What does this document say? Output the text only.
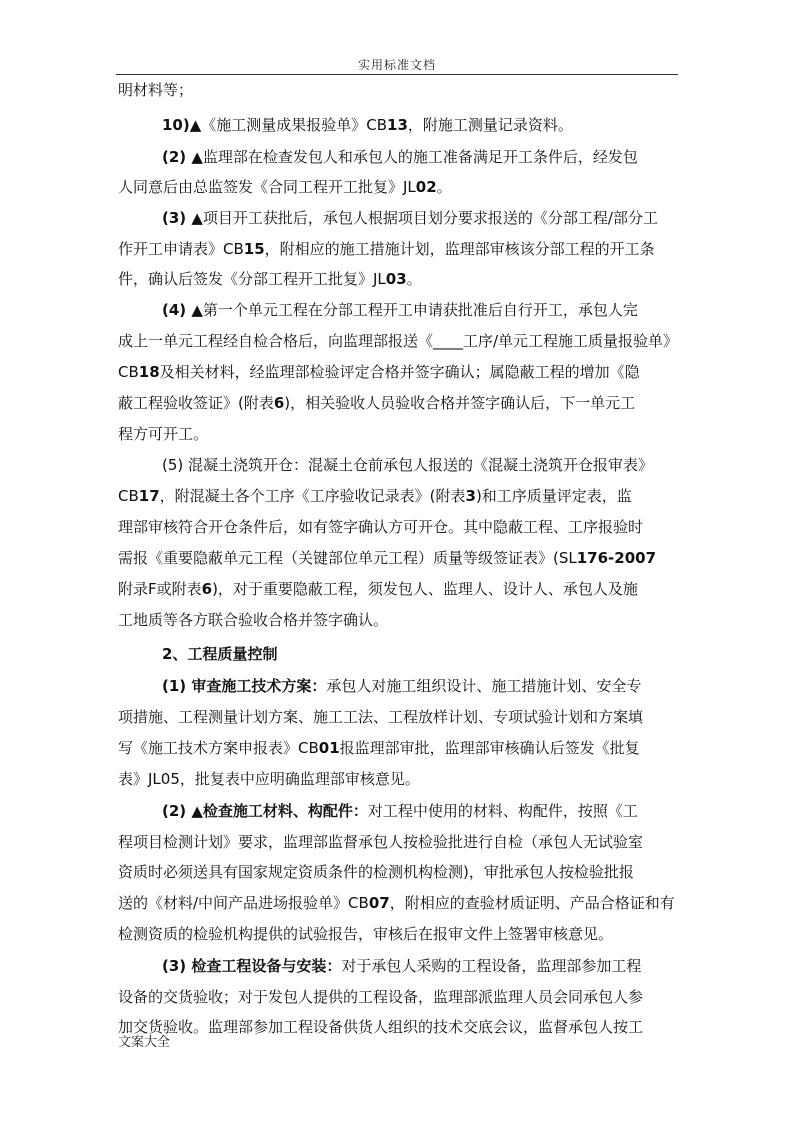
实用标准文档
明材料等；
10)▲《施工测量成果报验单》CB13，附施工测量记录资料。
(2) ▲监理部在检查发包人和承包人的施工准备满足开工条件后，经发包
人同意后由总监签发《合同工程开工批复》JL02。
(3) ▲项目开工获批后，承包人根据项目划分要求报送的《分部工程/部分工
作开工申请表》CB15，附相应的施工措施计划，监理部审核该分部工程的开工条
件，确认后签发《分部工程开工批复》JL03。
(4) ▲第一个单元工程在分部工程开工申请获批准后自行开工，承包人完
成上一单元工程经自检合格后，向监理部报送《____工序/单元工程施工质量报验单》
CB18及相关材料，经监理部检验评定合格并签字确认；属隐蔽工程的增加《隐
蔽工程验收签证》(附表6)，相关验收人员验收合格并签字确认后，下一单元工
程方可开工。
(5) 混凝土浇筑开仓：混凝土仓前承包人报送的《混凝土浇筑开仓报审表》
CB17，附混凝土各个工序《工序验收记录表》(附表3)和工序质量评定表，监
理部审核符合开仓条件后，如有签字确认方可开仓。其中隐蔽工程、工序报验时
需报《重要隐蔽单元工程（关键部位单元工程）质量等级签证表》(SL176-2007
附录F或附表6)，对于重要隐蔽工程，须发包人、监理人、设计人、承包人及施
工地质等各方联合验收合格并签字确认。
2、工程质量控制
(1) 审查施工技术方案：承包人对施工组织设计、施工措施计划、安全专
项措施、工程测量计划方案、施工工法、工程放样计划、专项试验计划和方案填
写《施工技术方案申报表》CB01报监理部审批，监理部审核确认后签发《批复
表》JL05，批复表中应明确监理部审核意见。
(2) ▲检查施工材料、构配件：对工程中使用的材料、构配件，按照《工
程项目检测计划》要求，监理部监督承包人按检验批进行自检（承包人无试验室
资质时必须送具有国家规定资质条件的检测机构检测)，审批承包人按检验批报
送的《材料/中间产品进场报验单》CB07，附相应的查验材质证明、产品合格证和有
检测资质的检验机构提供的试验报告，审核后在报审文件上签署审核意见。
(3) 检查工程设备与安装：对于承包人采购的工程设备，监理部参加工程
设备的交货验收；对于发包人提供的工程设备，监理部派监理人员会同承包人参
加交货验收。监理部参加工程设备供货人组织的技术交底会议，监督承包人按工
文案大全
